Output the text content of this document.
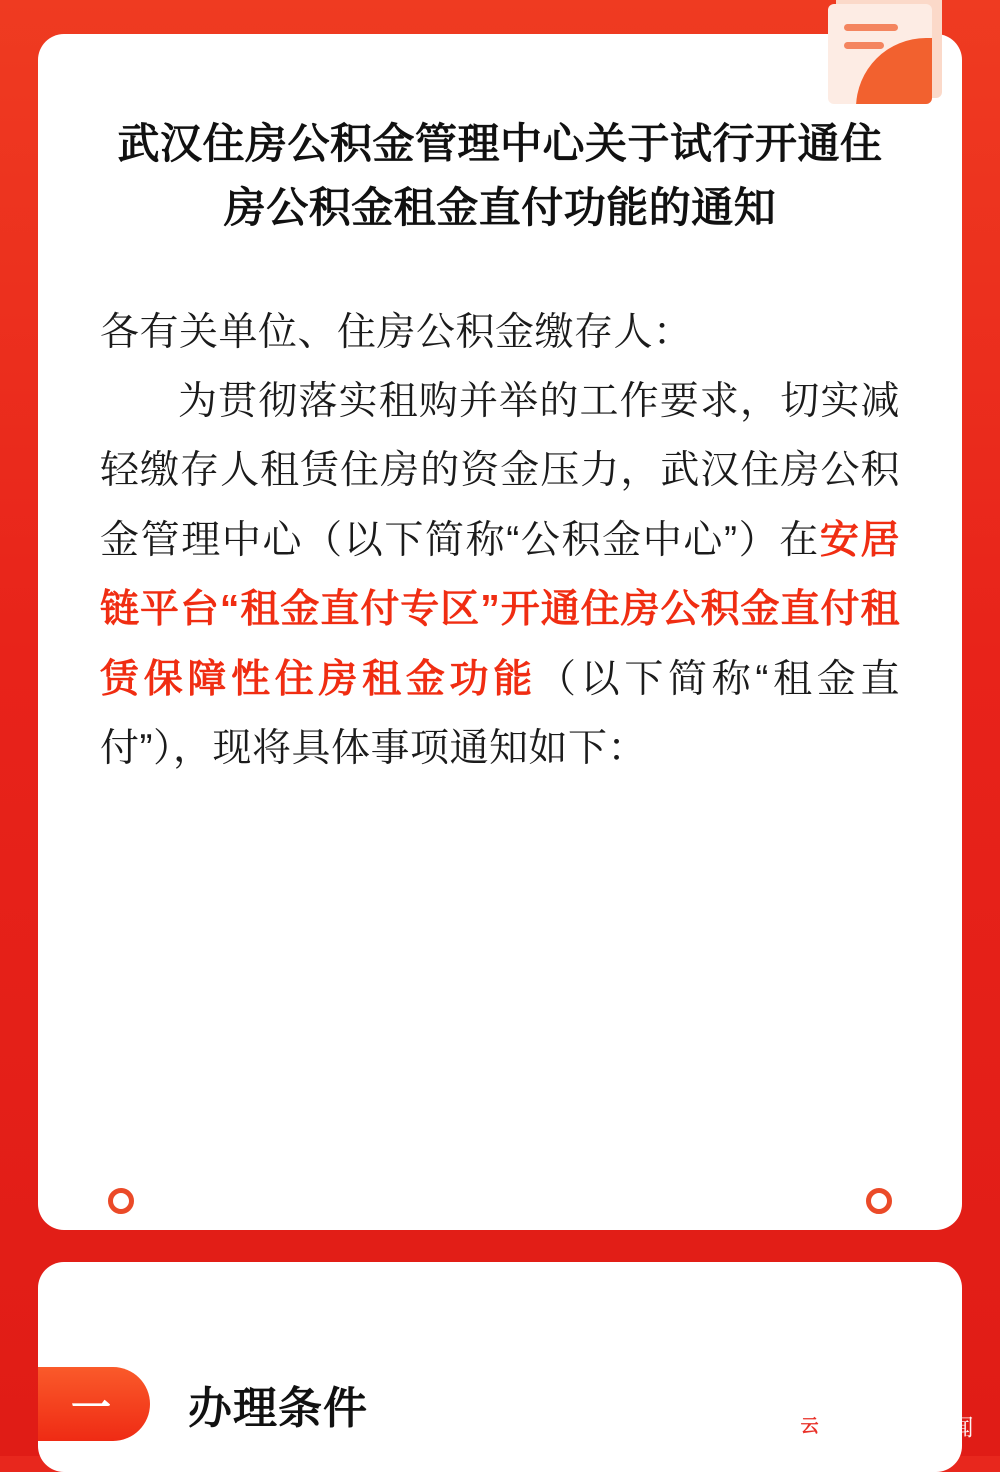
武汉住房公积金管理中心关于试行开通住房公积金租金直付功能的通知

各有关单位、住房公积金缴存人：

为贯彻落实租购并举的工作要求，切实减轻缴存人租赁住房的资金压力，武汉住房公积金管理中心（以下简称“公积金中心”）在安居链平台“租金直付专区”开通住房公积金直付租赁保障性住房租金功能（以下简称“租金直付”），现将具体事项通知如下：

一	办理条件	云 @长江云新闻
